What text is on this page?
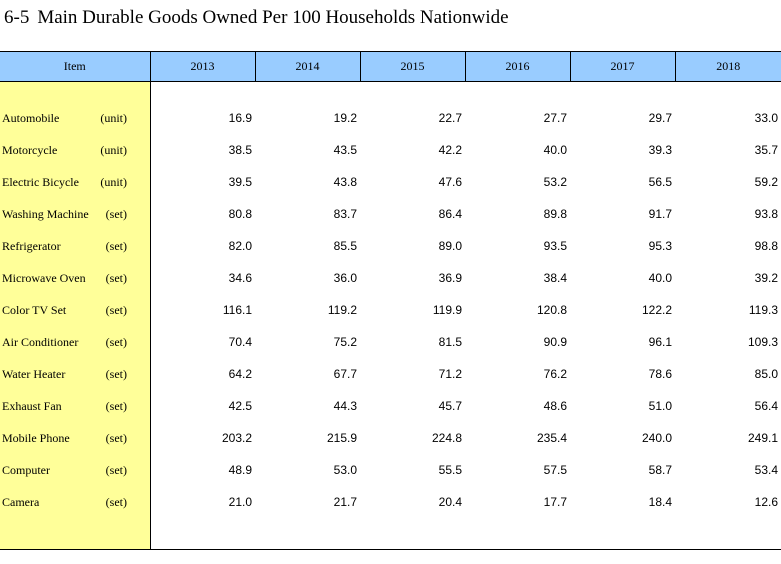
6-5 Main Durable Goods Owned Per 100 Households Nationwide
Item	2013	2014	2015	2016	2017	2018

Automobile (unit)	16.9	19.2	22.7	27.7	29.7	33.0

Motorcycle (unit)	38.5	43.5	42.2	40.0	39.3	35.7

Electric Bicycle (unit)	39.5	43.8	47.6	53.2	56.5	59.2

Washing Machine (set)	80.8	83.7	86.4	89.8	91.7	93.8

Refrigerator (set)	82.0	85.5	89.0	93.5	95.3	98.8

Microwave Oven (set)	34.6	36.0	36.9	38.4	40.0	39.2

Color TV Set (set)	116.1	119.2	119.9	120.8	122.2	119.3

Air Conditioner (set)	70.4	75.2	81.5	90.9	96.1	109.3

Water Heater (set)	64.2	67.7	71.2	76.2	78.6	85.0

Exhaust Fan (set)	42.5	44.3	45.7	48.6	51.0	56.4

Mobile Phone (set)	203.2	215.9	224.8	235.4	240.0	249.1

Computer (set)	48.9	53.0	55.5	57.5	58.7	53.4

Camera (set)	21.0	21.7	20.4	17.7	18.4	12.6
